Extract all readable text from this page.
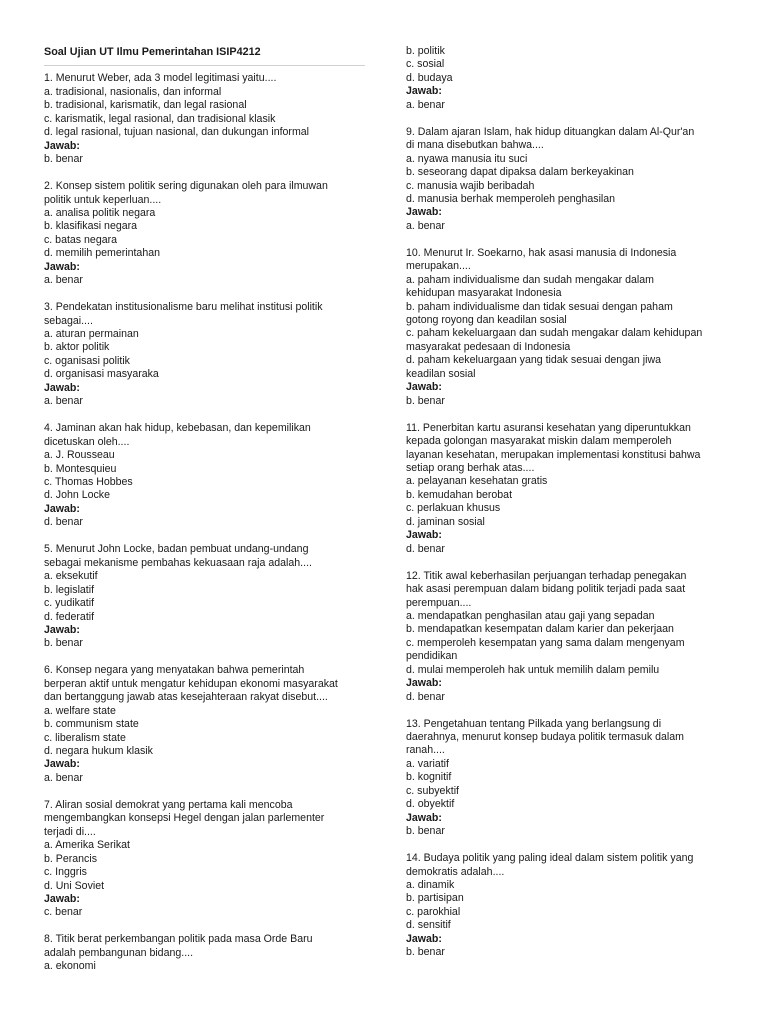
Soal Ujian UT Ilmu Pemerintahan ISIP4212
1. Menurut Weber, ada 3 model legitimasi yaitu....
a. tradisional, nasionalis, dan informal
b. tradisional, karismatik, dan legal rasional
c. karismatik, legal rasional, dan tradisional klasik
d. legal rasional, tujuan nasional, dan dukungan informal
Jawab:
b. benar
2. Konsep sistem politik sering digunakan oleh para ilmuwan
politik untuk keperluan....
a. analisa politik negara
b. klasifikasi negara
c. batas negara
d. memilih pemerintahan
Jawab:
a. benar
3. Pendekatan institusionalisme baru melihat institusi politik
sebagai....
a. aturan permainan
b. aktor politik
c. oganisasi politik
d. organisasi masyaraka
Jawab:
a. benar
4. Jaminan akan hak hidup, kebebasan, dan kepemilikan
dicetuskan oleh....
a. J. Rousseau
b. Montesquieu
c. Thomas Hobbes
d. John Locke
Jawab:
d. benar
5. Menurut John Locke, badan pembuat undang-undang
sebagai mekanisme pembahas kekuasaan raja adalah....
a. eksekutif
b. legislatif
c. yudikatif
d. federatif
Jawab:
b. benar
6. Konsep negara yang menyatakan bahwa pemerintah
berperan aktif untuk mengatur kehidupan ekonomi masyarakat
dan bertanggung jawab atas kesejahteraan rakyat disebut....
a. welfare state
b. communism state
c. liberalism state
d. negara hukum klasik
Jawab:
a. benar
7. Aliran sosial demokrat yang pertama kali mencoba
mengembangkan konsepsi Hegel dengan jalan parlementer
terjadi di....
a. Amerika Serikat
b. Perancis
c. Inggris
d. Uni Soviet
Jawab:
c. benar
8. Titik berat perkembangan politik pada masa Orde Baru
adalah pembangunan bidang....
a. ekonomi
b. politik
c. sosial
d. budaya
Jawab:
a. benar
9. Dalam ajaran Islam, hak hidup dituangkan dalam Al-Qur'an
di mana disebutkan bahwa....
a. nyawa manusia itu suci
b. seseorang dapat dipaksa dalam berkeyakinan
c. manusia wajib beribadah
d. manusia berhak memperoleh penghasilan
Jawab:
a. benar
10. Menurut Ir. Soekarno, hak asasi manusia di Indonesia
merupakan....
a. paham individualisme dan sudah mengakar dalam
kehidupan masyarakat Indonesia
b. paham individualisme dan tidak sesuai dengan paham
gotong royong dan keadilan sosial
c. paham kekeluargaan dan sudah mengakar dalam kehidupan
masyarakat pedesaan di Indonesia
d. paham kekeluargaan yang tidak sesuai dengan jiwa
keadilan sosial
Jawab:
b. benar
11. Penerbitan kartu asuransi kesehatan yang diperuntukkan
kepada golongan masyarakat miskin dalam memperoleh
layanan kesehatan, merupakan implementasi konstitusi bahwa
setiap orang berhak atas....
a. pelayanan kesehatan gratis
b. kemudahan berobat
c. perlakuan khusus
d. jaminan sosial
Jawab:
d. benar
12. Titik awal keberhasilan perjuangan terhadap penegakan
hak asasi perempuan dalam bidang politik terjadi pada saat
perempuan....
a. mendapatkan penghasilan atau gaji yang sepadan
b. mendapatkan kesempatan dalam karier dan pekerjaan
c. memperoleh kesempatan yang sama dalam mengenyam
pendidikan
d. mulai memperoleh hak untuk memilih dalam pemilu
Jawab:
d. benar
13. Pengetahuan tentang Pilkada yang berlangsung di
daerahnya, menurut konsep budaya politik termasuk dalam
ranah....
a. variatif
b. kognitif
c. subyektif
d. obyektif
Jawab:
b. benar
14. Budaya politik yang paling ideal dalam sistem politik yang
demokratis adalah....
a. dinamik
b. partisipan
c. parokhial
d. sensitif
Jawab:
b. benar
